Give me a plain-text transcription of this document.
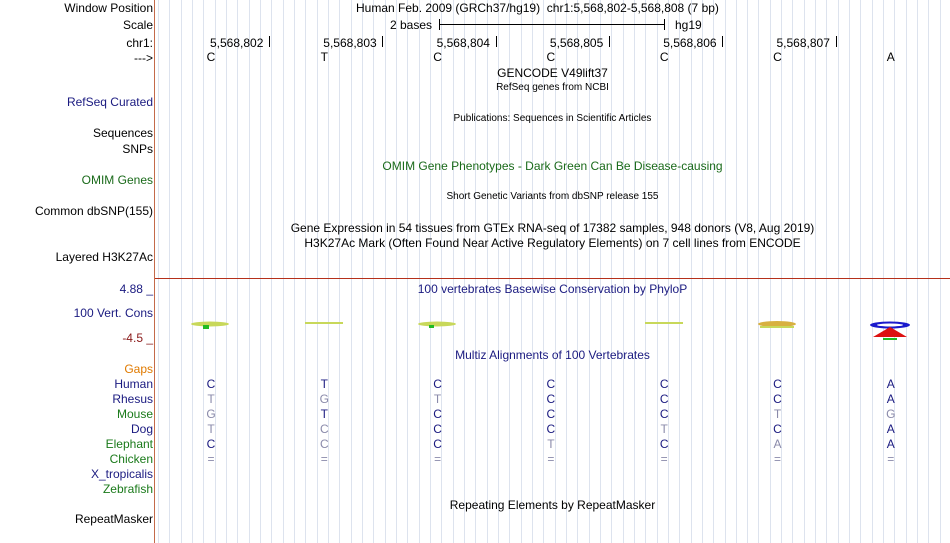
Window Position	Human Feb. 2009 (GRCh37/hg19) chr1:5,568,802-5,568,808 (7 bp)
Scale	2 bases	hg19
chr1:	5,568,802	5,568,803	5,568,804	5,568,805	5,568,806	5,568,807
--->	C	T	C	C	C	C	A
GENCODE V49lift37
RefSeq genes from NCBI
RefSeq Curated
Publications: Sequences in Scientific Articles
Sequences
SNPs
OMIM Gene Phenotypes - Dark Green Can Be Disease-causing
OMIM Genes
Short Genetic Variants from dbSNP release 155
Common dbSNP(155)
Gene Expression in 54 tissues from GTEx RNA-seq of 17382 samples, 948 donors (V8, Aug 2019)
H3K27Ac Mark (Often Found Near Active Regulatory Elements) on 7 cell lines from ENCODE
Layered H3K27Ac
4.88 _	100 vertebrates Basewise Conservation by PhyloP
100 Vert. Cons
-4.5 _
Multiz Alignments of 100 Vertebrates
Gaps
Human	C	T	C	C	C	C	A
Rhesus	T	G	T	C	C	C	A
Mouse	G	T	C	C	C	T	G
Dog	T	C	C	C	T	C	A
Elephant	C	C	C	T	C	A	A
Chicken	=	=	=	=	=	=	=
X_tropicalis
Zebrafish
Repeating Elements by RepeatMasker
RepeatMasker
